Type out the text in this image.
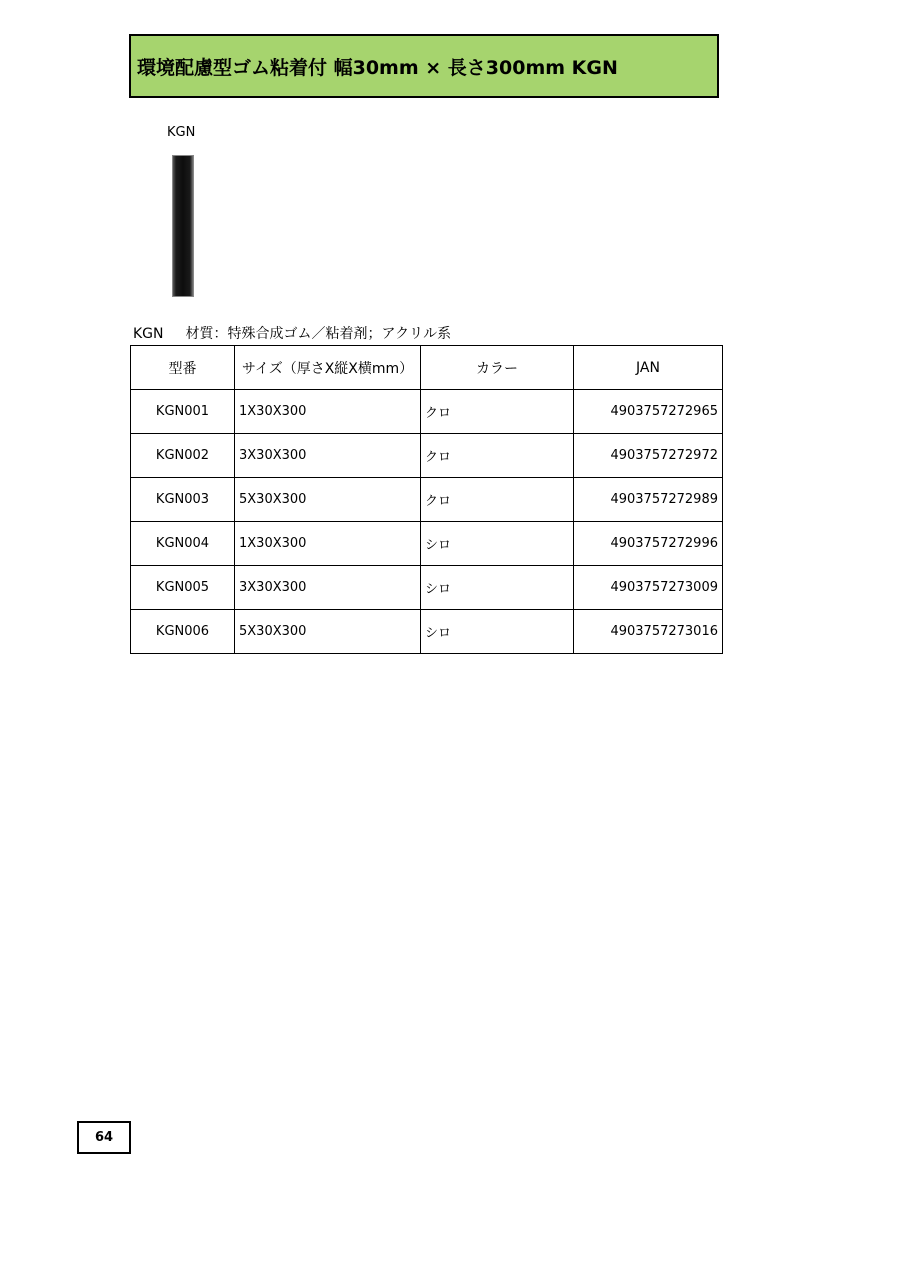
環境配慮型ゴム粘着付 幅30mm × 長さ300mm KGN
KGN
KGN 材質：特殊合成ゴム／粘着剤；アクリル系
型番	サイズ（厚さX縦X横mm）	カラー	JAN
KGN001	1X30X300	クロ	4903757272965
KGN002	3X30X300	クロ	4903757272972
KGN003	5X30X300	クロ	4903757272989
KGN004	1X30X300	シロ	4903757272996
KGN005	3X30X300	シロ	4903757273009
KGN006	5X30X300	シロ	4903757273016
64
